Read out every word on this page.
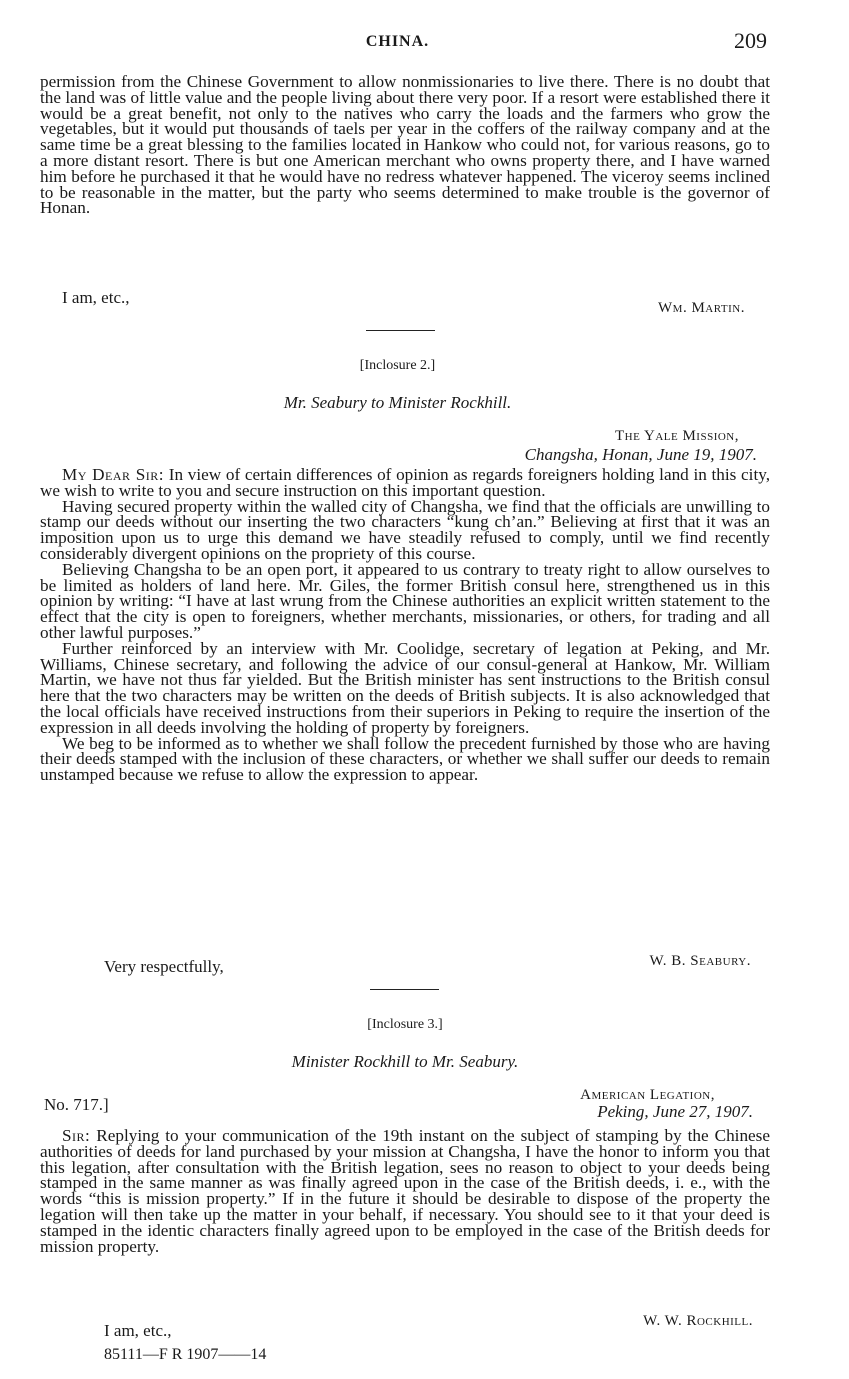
CHINA.	209

permission from the Chinese Government to allow nonmissionaries to live there. There is no doubt that the land was of little value and the people living about there very poor. If a resort were established there it would be a great benefit, not only to the natives who carry the loads and the farmers who grow the vegetables, but it would put thousands of taels per year in the coffers of the railway company and at the same time be a great blessing to the families located in Hankow who could not, for various reasons, go to a more distant resort. There is but one American merchant who owns property there, and I have warned him before he purchased it that he would have no redress whatever happened. The viceroy seems inclined to be reasonable in the matter, but the party who seems determined to make trouble is the governor of Honan.

I am, etc.,
Wm. Martin.
[Inclosure 2.]
Mr. Seabury to Minister Rockhill.
The Yale Mission,
Changsha, Honan, June 19, 1907.

My Dear Sir: In view of certain differences of opinion as regards foreigners holding land in this city, we wish to write to you and secure instruction on this important question.

Having secured property within the walled city of Changsha, we find that the officials are unwilling to stamp our deeds without our inserting the two characters “kung ch’an.” Believing at first that it was an imposition upon us to urge this demand we have steadily refused to comply, until we find recently considerably divergent opinions on the propriety of this course.

Believing Changsha to be an open port, it appeared to us contrary to treaty right to allow ourselves to be limited as holders of land here. Mr. Giles, the former British consul here, strengthened us in this opinion by writing: “I have at last wrung from the Chinese authorities an explicit written statement to the effect that the city is open to foreigners, whether merchants, missionaries, or others, for trading and all other lawful purposes.”

Further reinforced by an interview with Mr. Coolidge, secretary of legation at Peking, and Mr. Williams, Chinese secretary, and following the advice of our consul-general at Hankow, Mr. William Martin, we have not thus far yielded. But the British minister has sent instructions to the British consul here that the two characters may be written on the deeds of British subjects. It is also acknowledged that the local officials have received instructions from their superiors in Peking to require the insertion of the expression in all deeds involving the holding of property by foreigners.

We beg to be informed as to whether we shall follow the precedent furnished by those who are having their deeds stamped with the inclusion of these characters, or whether we shall suffer our deeds to remain unstamped because we refuse to allow the expression to appear.

Very respectfully,	W. B. Seabury.
[Inclosure 3.]
Minister Rockhill to Mr. Seabury.
No. 717.]	American Legation,
Peking, June 27, 1907.

Sir: Replying to your communication of the 19th instant on the subject of stamping by the Chinese authorities of deeds for land purchased by your mission at Changsha, I have the honor to inform you that this legation, after consultation with the British legation, sees no reason to object to your deeds being stamped in the same manner as was finally agreed upon in the case of the British deeds, i. e., with the words “this is mission property.” If in the future it should be desirable to dispose of the property the legation will then take up the matter in your behalf, if necessary. You should see to it that your deed is stamped in the identic characters finally agreed upon to be employed in the case of the British deeds for mission property.

I am, etc.,	W. W. Rockhill.
85111—F R 1907——14
